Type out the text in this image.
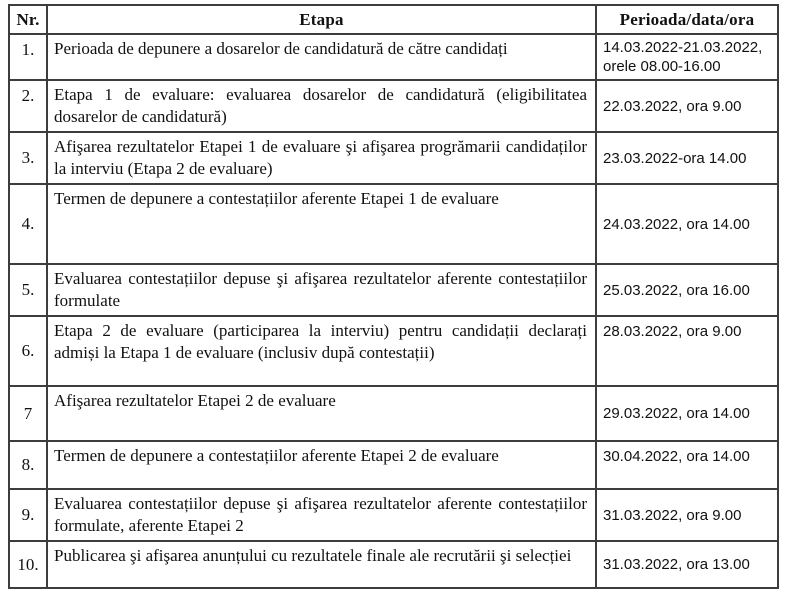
Nr.	Etapa	Perioada/data/ora
1.	Perioada de depunere a dosarelor de candidatură de către candidați	14.03.2022-21.03.2022, orele 08.00-16.00
2.	Etapa 1 de evaluare: evaluarea dosarelor de candidatură (eligibilitatea dosarelor de candidatură)	22.03.2022, ora 9.00
3.	Afişarea rezultatelor Etapei 1 de evaluare şi afişarea progrămarii candidaților la interviu (Etapa 2 de evaluare)	23.03.2022-ora 14.00
4.	Termen de depunere a contestațiilor aferente Etapei 1 de evaluare	24.03.2022, ora 14.00
5.	Evaluarea contestațiilor depuse şi afişarea rezultatelor aferente contestațiilor formulate	25.03.2022, ora 16.00
6.	Etapa 2 de evaluare (participarea la interviu) pentru candidații declarați admiși la Etapa 1 de evaluare (inclusiv după contestații)	28.03.2022, ora 9.00
7	Afişarea rezultatelor Etapei 2 de evaluare	29.03.2022, ora 14.00
8.	Termen de depunere a contestațiilor aferente Etapei 2 de evaluare	30.04.2022, ora 14.00
9.	Evaluarea contestațiilor depuse şi afişarea rezultatelor aferente contestațiilor formulate, aferente Etapei 2	31.03.2022, ora 9.00
10.	Publicarea şi afişarea anunțului cu rezultatele finale ale recrutării şi selecției	31.03.2022, ora 13.00
